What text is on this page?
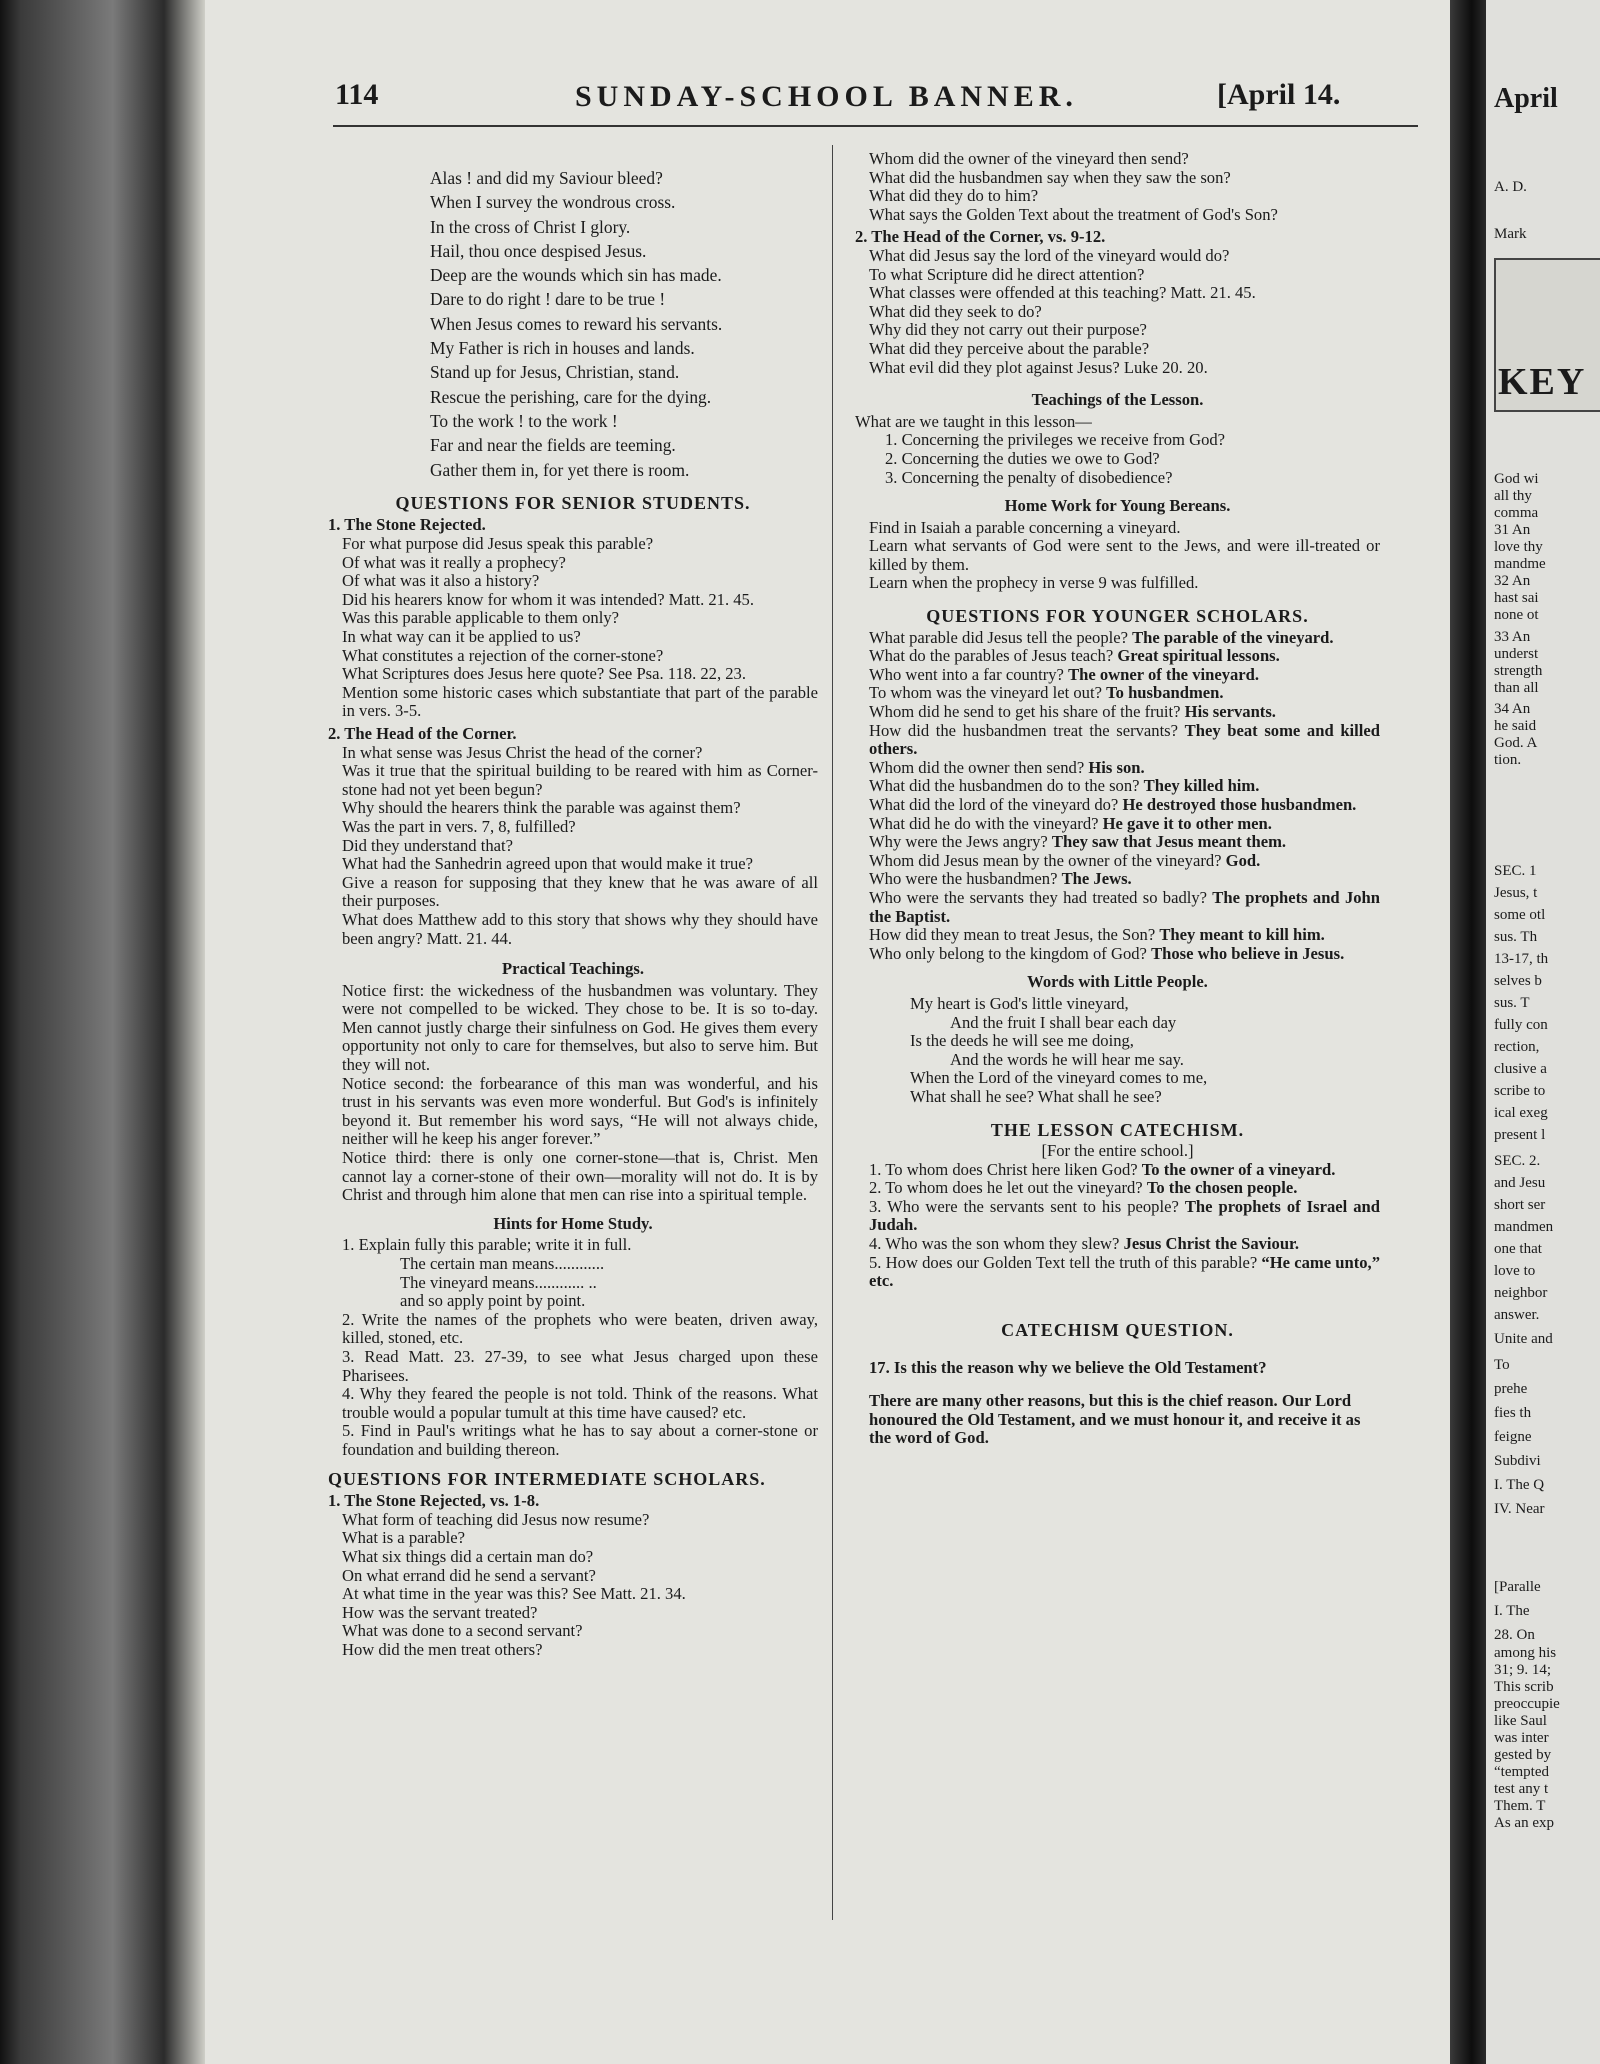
114	SUNDAY-SCHOOL BANNER.	[April 14.
Alas ! and did my Saviour bleed?
When I survey the wondrous cross.
In the cross of Christ I glory.
Hail, thou once despised Jesus.
Deep are the wounds which sin has made.
Dare to do right ! dare to be true !
When Jesus comes to reward his servants.
My Father is rich in houses and lands.
Stand up for Jesus, Christian, stand.
Rescue the perishing, care for the dying.
To the work ! to the work !
Far and near the fields are teeming.
Gather them in, for yet there is room.
QUESTIONS FOR SENIOR STUDENTS.
1. The Stone Rejected.
For what purpose did Jesus speak this parable?
Of what was it really a prophecy?
Of what was it also a history?
Did his hearers know for whom it was intended? Matt. 21. 45.
Was this parable applicable to them only?
In what way can it be applied to us?
What constitutes a rejection of the corner-stone?
What Scriptures does Jesus here quote? See Psa. 118. 22, 23.
Mention some historic cases which substantiate that part of the parable in vers. 3-5.
2. The Head of the Corner.
In what sense was Jesus Christ the head of the corner?
Was it true that the spiritual building to be reared with him as Corner-stone had not yet been begun?
Why should the hearers think the parable was against them?
Was the part in vers. 7, 8, fulfilled?
Did they understand that?
What had the Sanhedrin agreed upon that would make it true?
Give a reason for supposing that they knew that he was aware of all their purposes.
What does Matthew add to this story that shows why they should have been angry? Matt. 21. 44.
Practical Teachings.
Notice first: the wickedness of the husbandmen was voluntary. They were not compelled to be wicked. They chose to be. It is so to-day. Men cannot justly charge their sinfulness on God. He gives them every opportunity not only to care for themselves, but also to serve him. But they will not.
Notice second: the forbearance of this man was wonderful, and his trust in his servants was even more wonderful. But God's is infinitely beyond it. But remember his word says, “He will not always chide, neither will he keep his anger forever.”
Notice third: there is only one corner-stone—that is, Christ. Men cannot lay a corner-stone of their own—morality will not do. It is by Christ and through him alone that men can rise into a spiritual temple.
Hints for Home Study.
1. Explain fully this parable; write it in full.
The certain man means............
The vineyard means............ ..
and so apply point by point.
2. Write the names of the prophets who were beaten, driven away, killed, stoned, etc.
3. Read Matt. 23. 27-39, to see what Jesus charged upon these Pharisees.
4. Why they feared the people is not told. Think of the reasons. What trouble would a popular tumult at this time have caused? etc.
5. Find in Paul's writings what he has to say about a corner-stone or foundation and building thereon.
QUESTIONS FOR INTERMEDIATE SCHOLARS.
1. The Stone Rejected, vs. 1-8.
What form of teaching did Jesus now resume?
What is a parable?
What six things did a certain man do?
On what errand did he send a servant?
At what time in the year was this? See Matt. 21. 34.
How was the servant treated?
What was done to a second servant?
How did the men treat others?
Whom did the owner of the vineyard then send?
What did the husbandmen say when they saw the son?
What did they do to him?
What says the Golden Text about the treatment of God's Son?
2. The Head of the Corner, vs. 9-12.
What did Jesus say the lord of the vineyard would do?
To what Scripture did he direct attention?
What classes were offended at this teaching? Matt. 21. 45.
What did they seek to do?
Why did they not carry out their purpose?
What did they perceive about the parable?
What evil did they plot against Jesus? Luke 20. 20.
Teachings of the Lesson.
What are we taught in this lesson—
1. Concerning the privileges we receive from God?
2. Concerning the duties we owe to God?
3. Concerning the penalty of disobedience?
Home Work for Young Bereans.
Find in Isaiah a parable concerning a vineyard.
Learn what servants of God were sent to the Jews, and were ill-treated or killed by them.
Learn when the prophecy in verse 9 was fulfilled.
QUESTIONS FOR YOUNGER SCHOLARS.
What parable did Jesus tell the people? The parable of the vineyard.
What do the parables of Jesus teach? Great spiritual lessons.
Who went into a far country? The owner of the vineyard.
To whom was the vineyard let out? To husbandmen.
Whom did he send to get his share of the fruit? His servants.
How did the husbandmen treat the servants? They beat some and killed others.
Whom did the owner then send? His son.
What did the husbandmen do to the son? They killed him.
What did the lord of the vineyard do? He destroyed those husbandmen.
What did he do with the vineyard? He gave it to other men.
Why were the Jews angry? They saw that Jesus meant them.
Whom did Jesus mean by the owner of the vineyard? God.
Who were the husbandmen? The Jews.
Who were the servants they had treated so badly? The prophets and John the Baptist.
How did they mean to treat Jesus, the Son? They meant to kill him.
Who only belong to the kingdom of God? Those who believe in Jesus.
Words with Little People.
My heart is God's little vineyard,
And the fruit I shall bear each day
Is the deeds he will see me doing,
And the words he will hear me say.
When the Lord of the vineyard comes to me,
What shall he see? What shall he see?
THE LESSON CATECHISM.
[For the entire school.]
1. To whom does Christ here liken God? To the owner of a vineyard.
2. To whom does he let out the vineyard? To the chosen people.
3. Who were the servants sent to his people? The prophets of Israel and Judah.
4. Who was the son whom they slew? Jesus Christ the Saviour.
5. How does our Golden Text tell the truth of this parable? “He came unto,” etc.
CATECHISM QUESTION.
17. Is this the reason why we believe the Old Testament?
There are many other reasons, but this is the chief reason. Our Lord honoured the Old Testament, and we must honour it, and receive it as the word of God.
April
KEY
A. D.
Mark
God wi
all thy
comma
31 An
love thy
mandme
32 An
hast sai
none ot
33 An
underst
strength
than all
34 An
he said
God. A
tion.
SEC. 1
Jesus, t
some otl
sus. Th
13-17, th
selves b
sus. T
fully con
rection,
clusive a
scribe to
ical exeg
present l
SEC. 2.
and Jesu
short ser
mandmen
one that
love to
neighbor
answer.
Unite and
To
prehe
fies th
feigne
Subdivi
I. The Q
IV. Near
[Paralle
I. The
28. On
among his
31; 9. 14;
This scrib
preoccupie
like Saul
was inter
gested by
“tempted
test any t
Them. T
As an exp
